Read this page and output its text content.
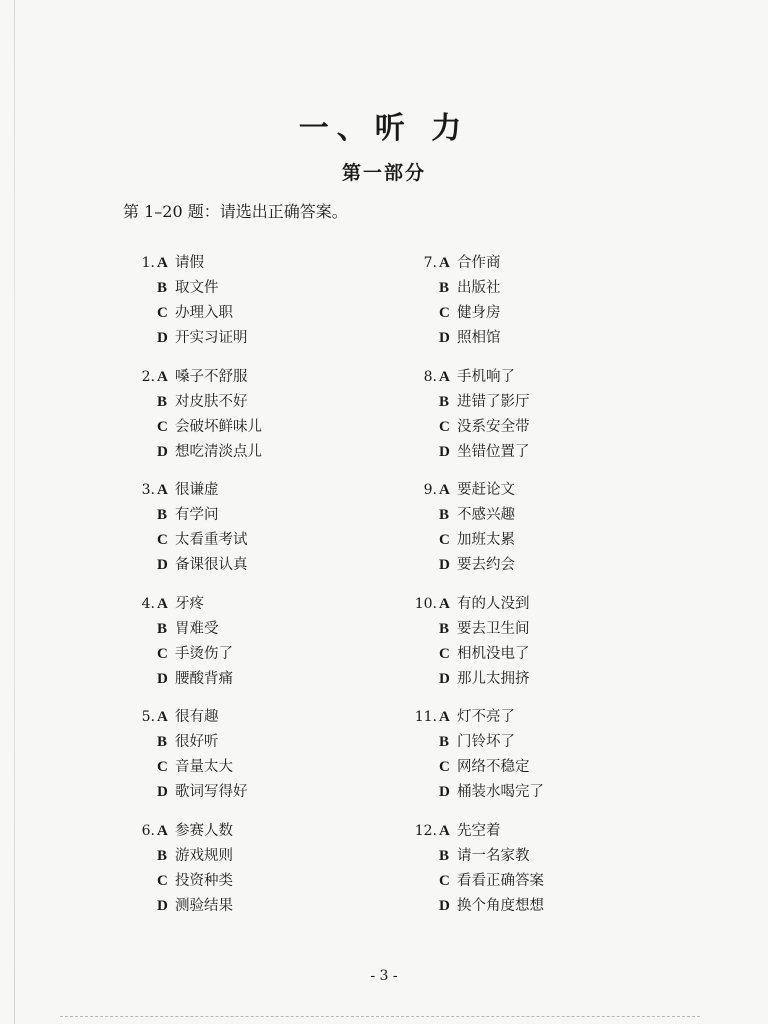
一、听 力
第一部分
第 1–20 题：请选出正确答案。
1. A 请假
B 取文件
C 办理入职
D 开实习证明
2. A 嗓子不舒服
B 对皮肤不好
C 会破坏鲜味儿
D 想吃清淡点儿
3. A 很谦虚
B 有学问
C 太看重考试
D 备课很认真
4. A 牙疼
B 胃难受
C 手烫伤了
D 腰酸背痛
5. A 很有趣
B 很好听
C 音量太大
D 歌词写得好
6. A 参赛人数
B 游戏规则
C 投资种类
D 测验结果
7. A 合作商
B 出版社
C 健身房
D 照相馆
8. A 手机响了
B 进错了影厅
C 没系安全带
D 坐错位置了
9. A 要赶论文
B 不感兴趣
C 加班太累
D 要去约会
10. A 有的人没到
B 要去卫生间
C 相机没电了
D 那儿太拥挤
11. A 灯不亮了
B 门铃坏了
C 网络不稳定
D 桶装水喝完了
12. A 先空着
B 请一名家教
C 看看正确答案
D 换个角度想想
- 3 -
